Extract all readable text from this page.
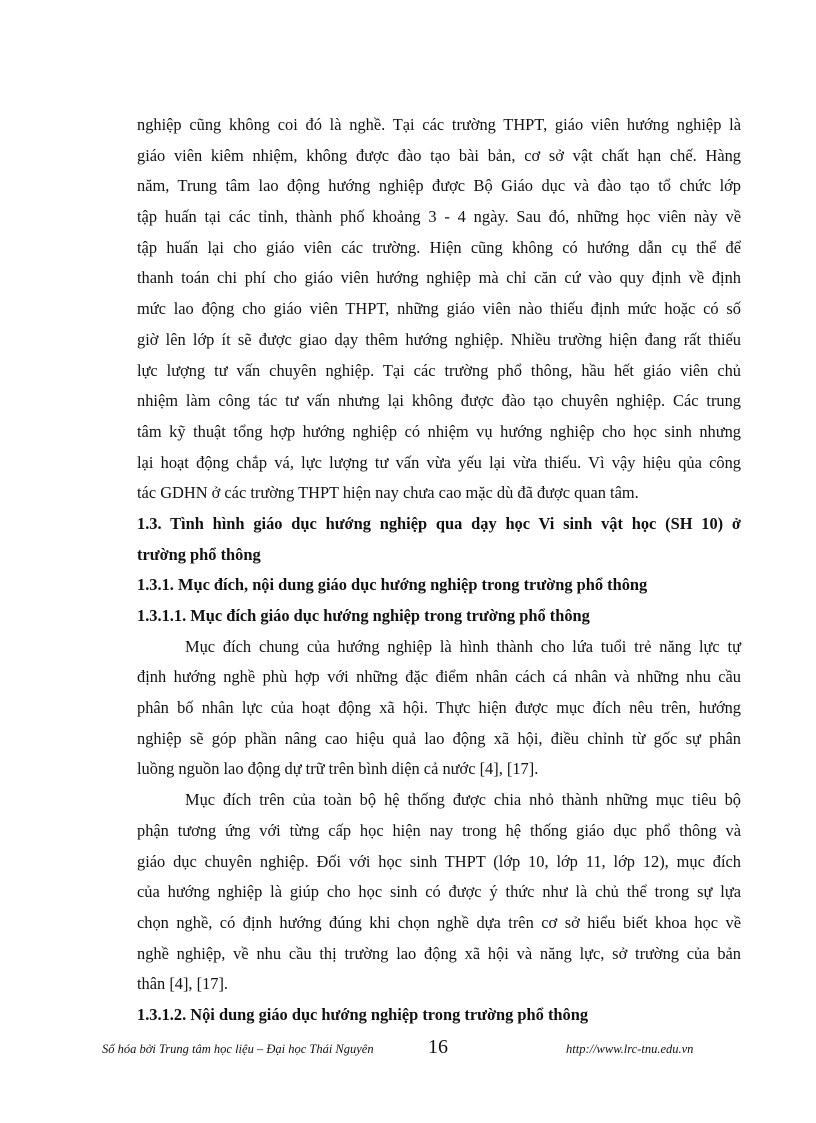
nghiệp cũng không coi đó là nghề. Tại các trường THPT, giáo viên hướng nghiệp là
giáo viên kiêm nhiệm, không được đào tạo bài bản, cơ sở vật chất hạn chế. Hàng
năm, Trung tâm lao động hướng nghiệp được Bộ Giáo dục và đào tạo tổ chức lớp
tập huấn tại các tỉnh, thành phố khoảng 3 - 4 ngày. Sau đó, những học viên này về
tập huấn lại cho giáo viên các trường. Hiện cũng không có hướng dẫn cụ thể để
thanh toán chi phí cho giáo viên hướng nghiệp mà chỉ căn cứ vào quy định về định
mức lao động cho giáo viên THPT, những giáo viên nào thiếu định mức hoặc có số
giờ lên lớp ít sẽ được giao dạy thêm hướng nghiệp. Nhiều trường hiện đang rất thiếu
lực lượng tư vấn chuyên nghiệp. Tại các trường phổ thông, hầu hết giáo viên chủ
nhiệm làm công tác tư vấn nhưng lại không được đào tạo chuyên nghiệp. Các trung
tâm kỹ thuật tổng hợp hướng nghiệp có nhiệm vụ hướng nghiệp cho học sinh nhưng
lại hoạt động chắp vá, lực lượng tư vấn vừa yếu lại vừa thiếu. Vì vậy hiệu qủa công
tác GDHN ở các trường THPT hiện nay chưa cao mặc dù đã được quan tâm.
1.3. Tình hình giáo dục hướng nghiệp qua dạy học Vi sinh vật học (SH 10) ở
trường phổ thông
1.3.1. Mục đích, nội dung giáo dục hướng nghiệp trong trường phổ thông
1.3.1.1. Mục đích giáo dục hướng nghiệp trong trường phổ thông
Mục đích chung của hướng nghiệp là hình thành cho lứa tuổi trẻ năng lực tự
định hướng nghề phù hợp với những đặc điểm nhân cách cá nhân và những nhu cầu
phân bố nhân lực của hoạt động xã hội. Thực hiện được mục đích nêu trên, hướng
nghiệp sẽ góp phần nâng cao hiệu quả lao động xã hội, điều chỉnh từ gốc sự phân
luồng nguồn lao động dự trữ trên bình diện cả nước [4], [17].
Mục đích trên của toàn bộ hệ thống được chia nhỏ thành những mục tiêu bộ
phận tương ứng với từng cấp học hiện nay trong hệ thống giáo dục phổ thông và
giáo dục chuyên nghiệp. Đối với học sinh THPT (lớp 10, lớp 11, lớp 12), mục đích
của hướng nghiệp là giúp cho học sinh có được ý thức như là chủ thể trong sự lựa
chọn nghề, có định hướng đúng khi chọn nghề dựa trên cơ sở hiểu biết khoa học về
nghề nghiệp, về nhu cầu thị trường lao động xã hội và năng lực, sở trường của bản
thân [4], [17].
1.3.1.2. Nội dung giáo dục hướng nghiệp trong trường phổ thông
Số hóa bởi Trung tâm học liệu – Đại học Thái Nguyên	16	http://www.lrc-tnu.edu.vn
